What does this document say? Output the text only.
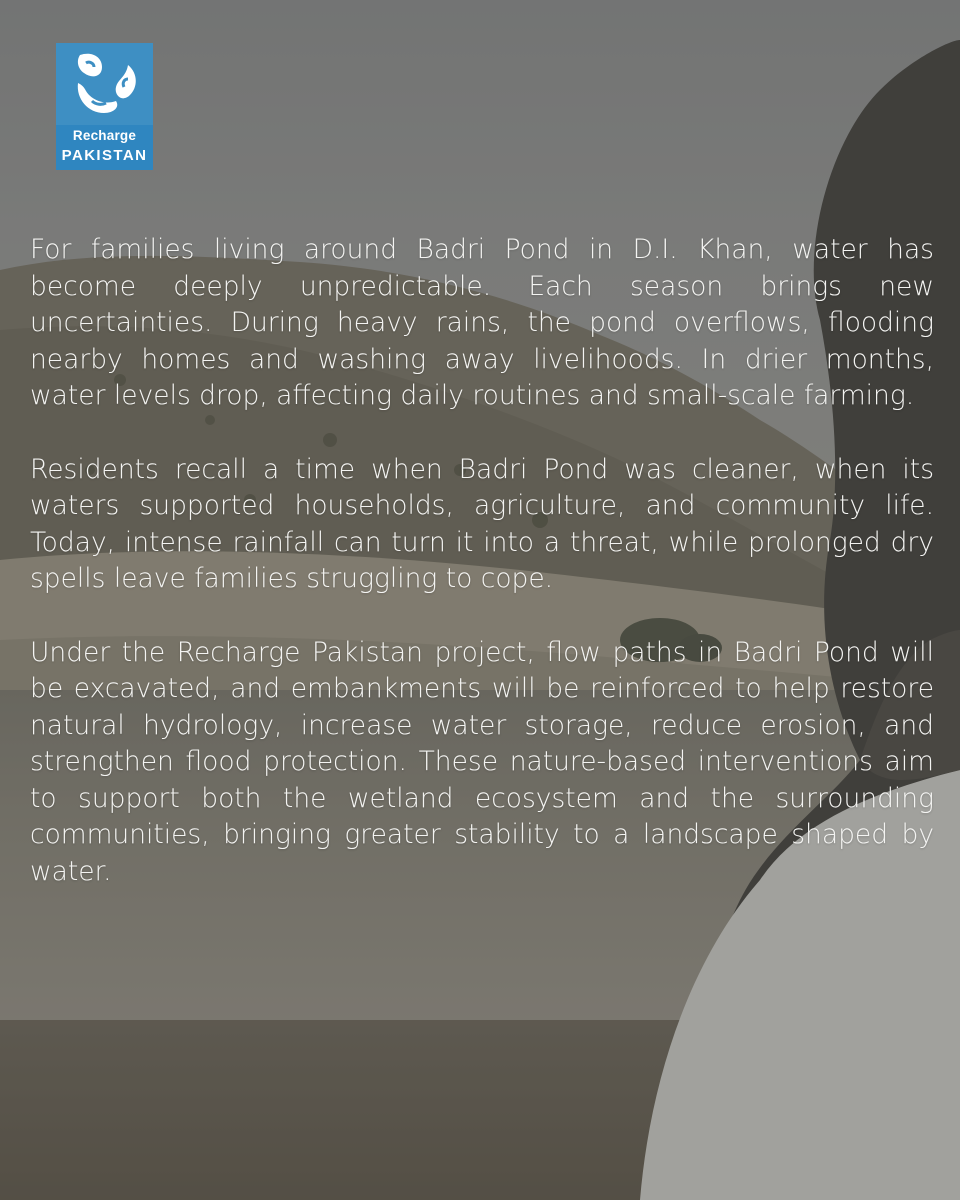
Recharge
PAKISTAN

For families living around Badri Pond in D.I. Khan, water has become deeply unpredictable. Each season brings new uncertainties. During heavy rains, the pond overflows, flooding nearby homes and washing away livelihoods. In drier months, water levels drop, affecting daily routines and small-scale farming.

Residents recall a time when Badri Pond was cleaner, when its waters supported households, agriculture, and community life. Today, intense rainfall can turn it into a threat, while prolonged dry spells leave families struggling to cope.

Under the Recharge Pakistan project, flow paths in Badri Pond will be excavated, and embankments will be reinforced to help restore natural hydrology, increase water storage, reduce erosion, and strengthen flood protection. These nature-based interventions aim to support both the wetland ecosystem and the surrounding communities, bringing greater stability to a landscape shaped by water.
